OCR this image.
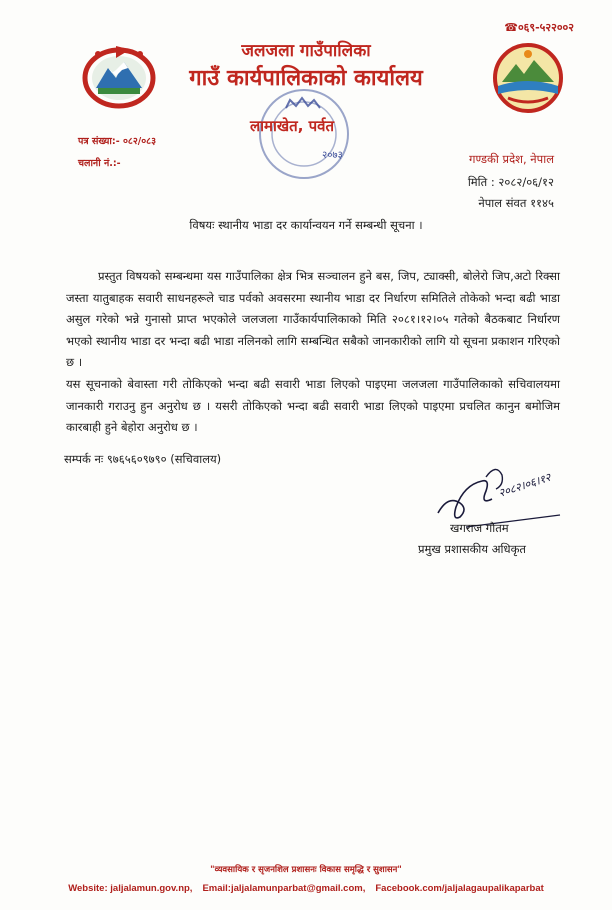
☎०६९-५२२००२
जलजला गाउँपालिका
गाउँ कार्यपालिकाको कार्यालय
२०७३
लामाखेत, पर्वत
पत्र संख्या:- ०८२/०८३
चलानी नं.:-	गण्डकी प्रदेश, नेपाल
मिति : २०८२/०६/१२
नेपाल संवत ११४५
विषयः स्थानीय भाडा दर कार्यान्वयन गर्ने सम्बन्धी सूचना ।
प्रस्तुत विषयको सम्बन्धमा यस गाउँपालिका क्षेत्र भित्र सञ्चालन हुने बस, जिप, ट्याक्सी, बोलेरो जिप,अटो रिक्सा जस्ता यातुबाहक सवारी साधनहरूले चाड पर्वको अवसरमा स्थानीय भाडा दर निर्धारण समितिले तोकेको भन्दा बढी भाडा असुल गरेको भन्ने गुनासो प्राप्त भएकोले जलजला गाउँकार्यपालिकाको मिति २०८१।१२।०५ गतेको बैठकबाट निर्धारण भएको स्थानीय भाडा दर भन्दा बढी भाडा नलिनको लागि सम्बन्धित सबैको जानकारीको लागि यो सूचना प्रकाशन गरिएको छ ।
यस सूचनाको बेवास्ता गरी तोकिएको भन्दा बढी सवारी भाडा लिएको पाइएमा जलजला गाउँपालिकाको सचिवालयमा जानकारी गराउनु हुन अनुरोध छ । यसरी तोकिएको भन्दा बढी सवारी भाडा लिएको पाइएमा प्रचलित कानुन बमोजिम कारबाही हुने बेहोरा अनुरोध छ ।
सम्पर्क नः ९७६५६०९७९० (सचिवालय)
२०८२।०६।१२
खगराज गौतम
प्रमुख प्रशासकीय अधिकृत
"व्यवसायिक र सृजनशिल प्रशासनः विकास समृद्धि र सुशासन"
Website: jaljalamun.gov.np, Email:jaljalamunparbat@gmail.com, Facebook.com/jaljalagaupalikaparbat
